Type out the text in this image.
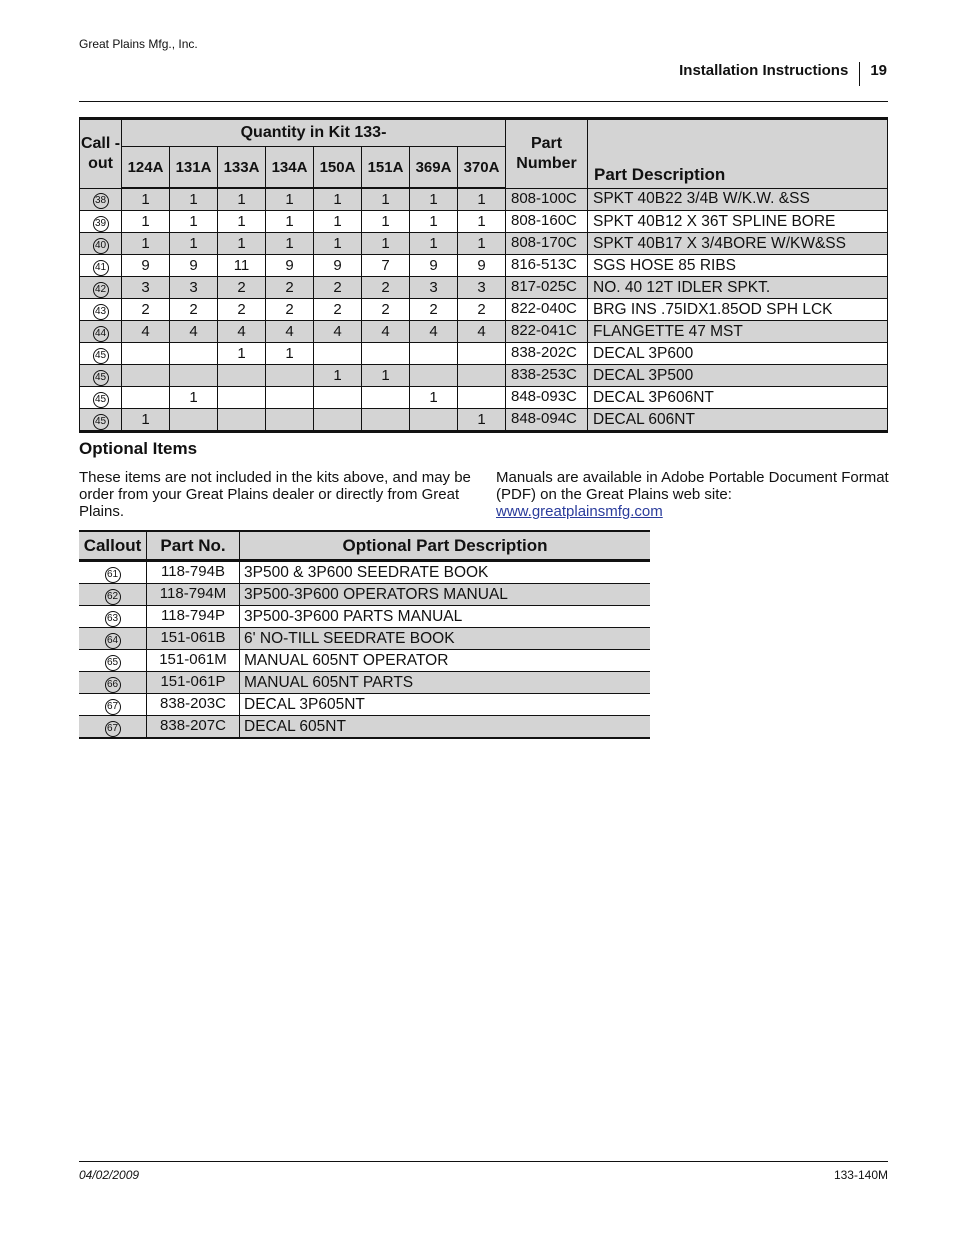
Great Plains Mfg., Inc.
Installation Instructions 19
Call -out	Quantity in Kit 133-								Part Number	Part Description
	124A	131A	133A	134A	150A	151A	369A	370A		
38	1	1	1	1	1	1	1	1	808-100C	SPKT 40B22 3/4B W/K.W. &SS
39	1	1	1	1	1	1	1	1	808-160C	SPKT 40B12 X 36T SPLINE BORE
40	1	1	1	1	1	1	1	1	808-170C	SPKT 40B17 X 3/4BORE W/KW&SS
41	9	9	11	9	9	7	9	9	816-513C	SGS HOSE 85 RIBS
42	3	3	2	2	2	2	3	3	817-025C	NO. 40 12T IDLER SPKT.
43	2	2	2	2	2	2	2	2	822-040C	BRG INS .75IDX1.85OD SPH LCK
44	4	4	4	4	4	4	4	4	822-041C	FLANGETTE 47 MST
45			1	1					838-202C	DECAL 3P600
45					1	1			838-253C	DECAL 3P500
45		1					1		848-093C	DECAL 3P606NT
45	1							1	848-094C	DECAL 606NT
Optional Items
These items are not included in the kits above, and may be order from your Great Plains dealer or directly from Great Plains.
Manuals are available in Adobe Portable Document Format (PDF) on the Great Plains web site:
www.greatplainsmfg.com
Callout	Part No.	Optional Part Description
61	118-794B	3P500 & 3P600 SEEDRATE BOOK
62	118-794M	3P500-3P600 OPERATORS MANUAL
63	118-794P	3P500-3P600 PARTS MANUAL
64	151-061B	6' NO-TILL SEEDRATE BOOK
65	151-061M	MANUAL 605NT OPERATOR
66	151-061P	MANUAL 605NT PARTS
67	838-203C	DECAL 3P605NT
67	838-207C	DECAL 605NT
04/02/2009	133-140M
